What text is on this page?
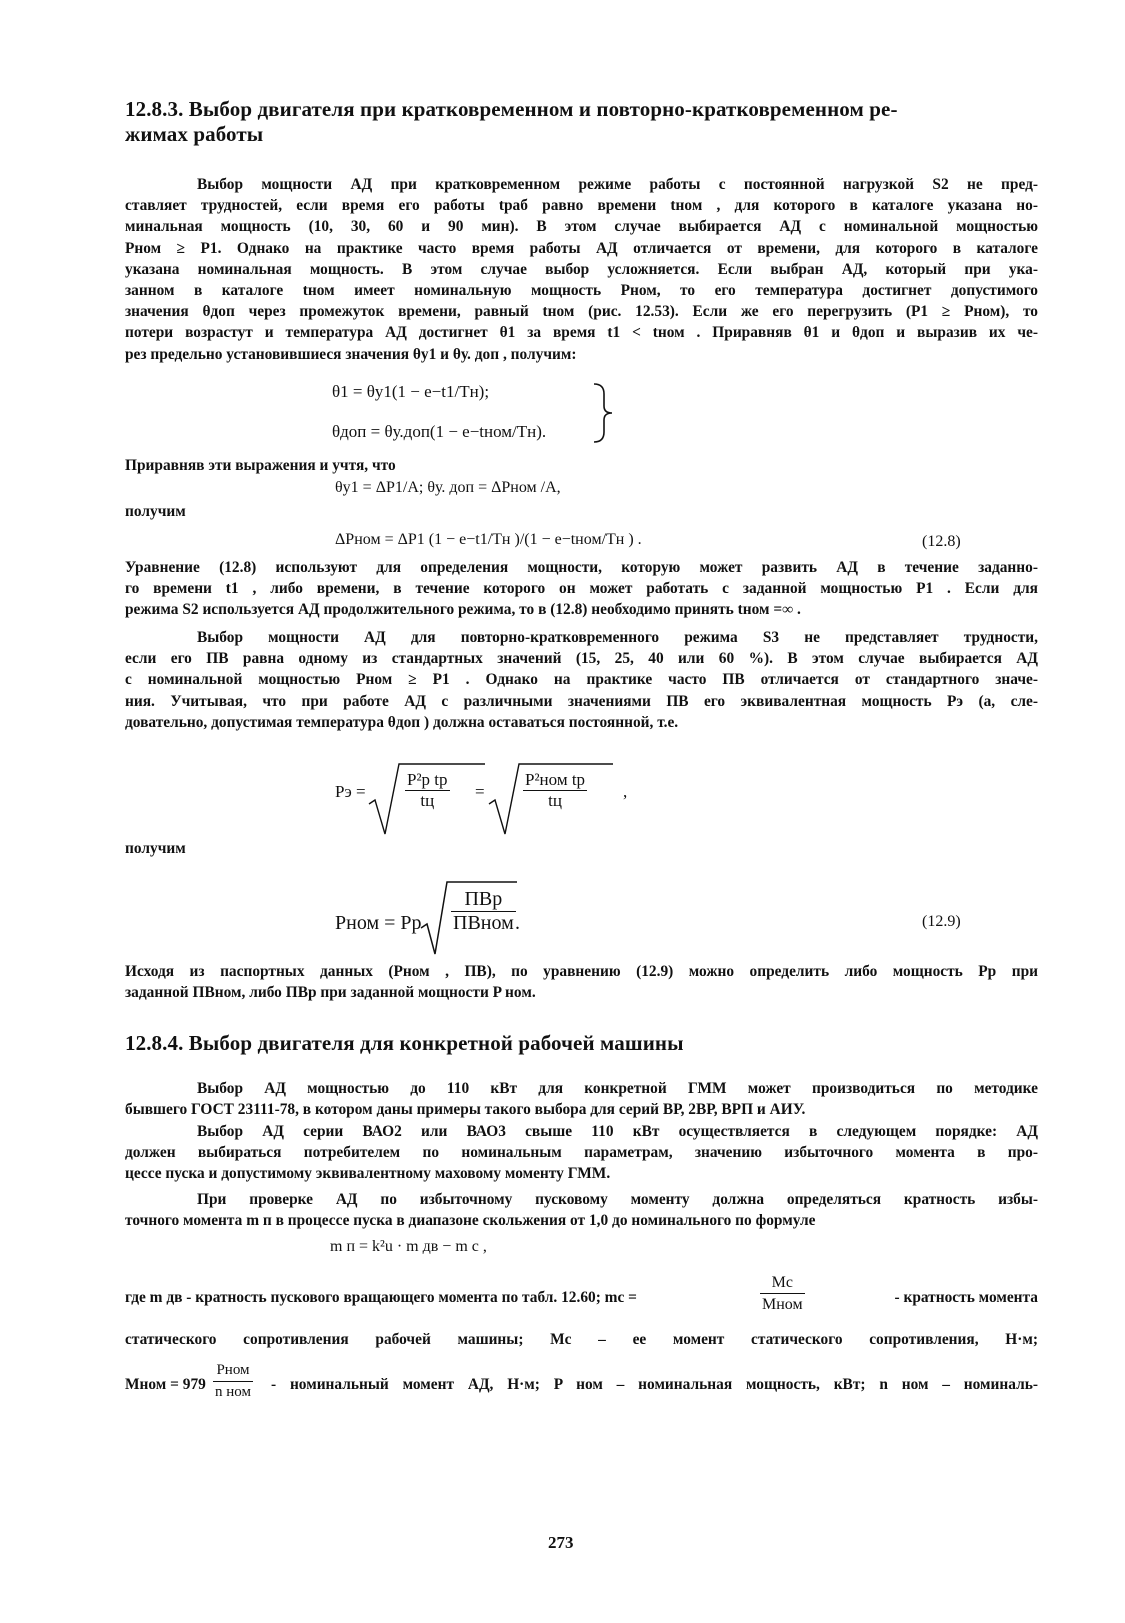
12.8.3. Выбор двигателя при кратковременном и повторно-кратковременном ре-
жимах работы
Выбор мощности АД при кратковременном режиме работы с постоянной нагрузкой S2 не пред-
ставляет трудностей, если время его работы tраб равно времени tном , для которого в каталоге указана но-
минальная мощность (10, 30, 60 и 90 мин). В этом случае выбирается АД с номинальной мощностью
Pном ≥ P1. Однако на практике часто время работы АД отличается от времени, для которого в каталоге
указана номинальная мощность. В этом случае выбор усложняется. Если выбран АД, который при ука-
занном в каталоге tном имеет номинальную мощность Pном, то его температура достигнет допустимого
значения θдоп через промежуток времени, равный tном (рис. 12.53). Если же его перегрузить (P1 ≥ Pном), то
потери возрастут и температура АД достигнет θ1 за время t1 < tном . Приравняв θ1 и θдоп и выразив их че-
рез предельно установившиеся значения θу1 и θу. доп , получим:
θ1 = θу1(1 − e−t1/Tн);
θдоп = θу.доп(1 − e−tном/Tн).
Приравняв эти выражения и учтя, что
θу1 = ΔP1/A; θу. доп = ΔPном /A,
получим
ΔPном = ΔP1 (1 − e−t1/Tн )/(1 − e−tном/Tн ) .	(12.8)
Уравнение (12.8) используют для определения мощности, которую может развить АД в течение заданно-
го времени t1 , либо времени, в течение которого он может работать с заданной мощностью P1 . Если для
режима S2 используется АД продолжительного режима, то в (12.8) необходимо принять tном =∞ .
Выбор мощности АД для повторно-кратковременного режима S3 не представляет трудности,
если его ПВ равна одному из стандартных значений (15, 25, 40 или 60 %). В этом случае выбирается АД
с номинальной мощностью Pном ≥ P1 . Однако на практике часто ПВ отличается от стандартного значе-
ния. Учитывая, что при работе АД с различными значениями ПВ его эквивалентная мощность Pэ (а, сле-
довательно, допустимая температура θдоп ) должна оставаться постоянной, т.е.
Pэ =
P²р tр
tц	=
P²ном tр
tц	,
получим
Pном = Pр
ПВр
ПВном .	(12.9)
Исходя из паспортных данных (Pном , ПВ), по уравнению (12.9) можно определить либо мощность Pр при
заданной ПВном, либо ПВр при заданной мощности P ном.
12.8.4. Выбор двигателя для конкретной рабочей машины
Выбор АД мощностью до 110 кВт для конкретной ГММ может производиться по методике
бывшего ГОСТ 23111-78, в котором даны примеры такого выбора для серий ВР, 2ВР, ВРП и АИУ.
Выбор АД серии ВАО2 или ВАО3 свыше 110 кВт осуществляется в следующем порядке: АД
должен выбираться потребителем по номинальным параметрам, значению избыточного момента в про-
цессе пуска и допустимому эквивалентному маховому моменту ГММ.
При проверке АД по избыточному пусковому моменту должна определяться кратность избы-
точного момента m п в процессе пуска в диапазоне скольжения от 1,0 до номинального по формуле
m п = k²u · m дв − m c ,
где m дв - кратность пускового вращающего момента по табл. 12.60; mc =
Mc
Mном	- кратность момента
статического сопротивления рабочей машины; Mc – ее момент статического сопротивления, Н·м;
Mном = 979
Pном
n ном - номинальный момент АД, Н·м; P ном – номинальная мощность, кВт; n ном – номиналь-
273
